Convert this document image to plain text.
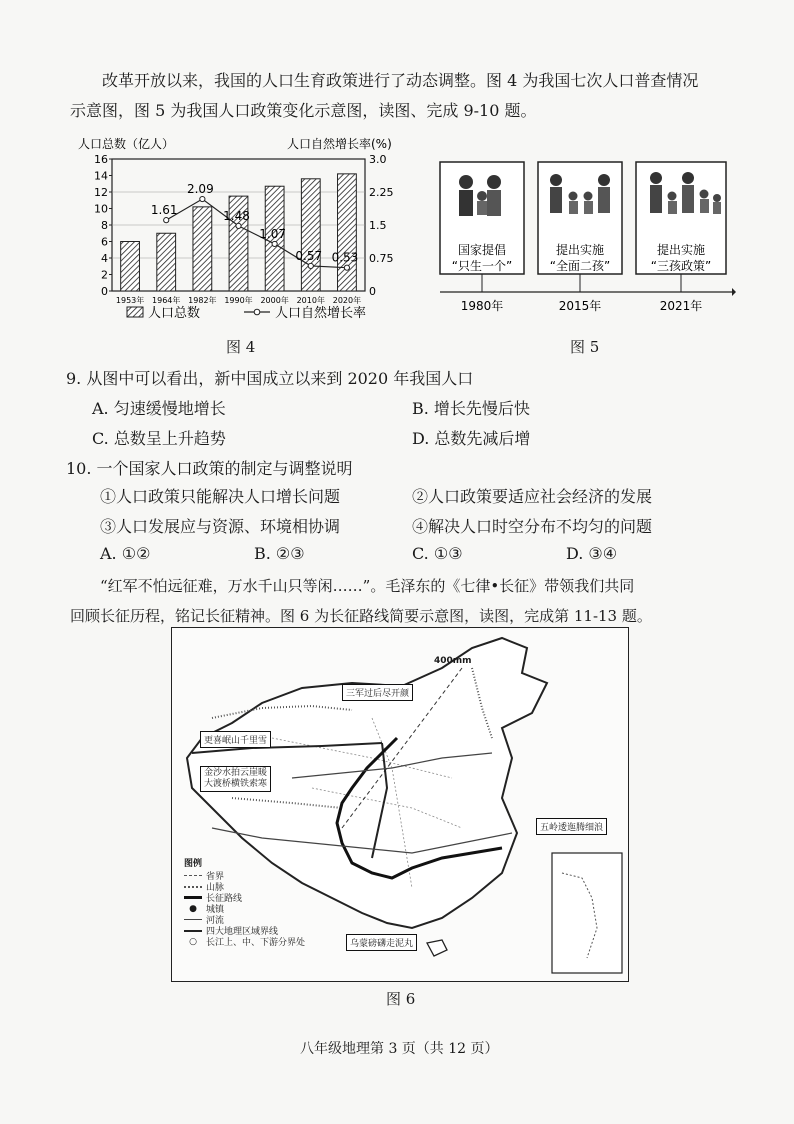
改革开放以来，我国的人口生育政策进行了动态调整。图 4 为我国七次人口普查情况
示意图，图 5 为我国人口政策变化示意图，读图、完成 9-10 题。
人口总数（亿人）	人口自然增长率(%)
0
2
4
6
8
10
12
14
16
0
0.75
1.5
2.25
3.0
1.61
2.09
1.48
1.07
0.57 0.53
1953年 1964年 1982年 1990年 2000年 2010年 2020年
人口总数	人口自然增长率
图 4
国家提倡
“只生一个”
提出实施
“全面二孩”
提出实施
“三孩政策”
1980年	2015年	2021年
图 5
9. 从图中可以看出，新中国成立以来到 2020 年我国人口
A. 匀速缓慢地增长	B. 增长先慢后快
C. 总数呈上升趋势	D. 总数先减后增
10. 一个国家人口政策的制定与调整说明
①人口政策只能解决人口增长问题	②人口政策要适应社会经济的发展
③人口发展应与资源、环境相协调	④解决人口时空分布不均匀的问题
A. ①②	B. ②③	C. ①③	D. ③④
“红军不怕远征难，万水千山只等闲……”。毛泽东的《七律•长征》带领我们共同
回顾长征历程，铭记长征精神。图 6 为长征路线简要示意图，读图，完成第 11-13 题。
400mm
三军过后尽开颜
更喜岷山千里雪
金沙水拍云崖暖
大渡桥横铁索寒
五岭逶迤腾细浪
乌蒙磅礴走泥丸
图例
省界
山脉
长征路线
●	城镇
河流
四大地理区域界线
○	长江上、中、下游分界处
图 6
八年级地理第 3 页（共 12 页）
